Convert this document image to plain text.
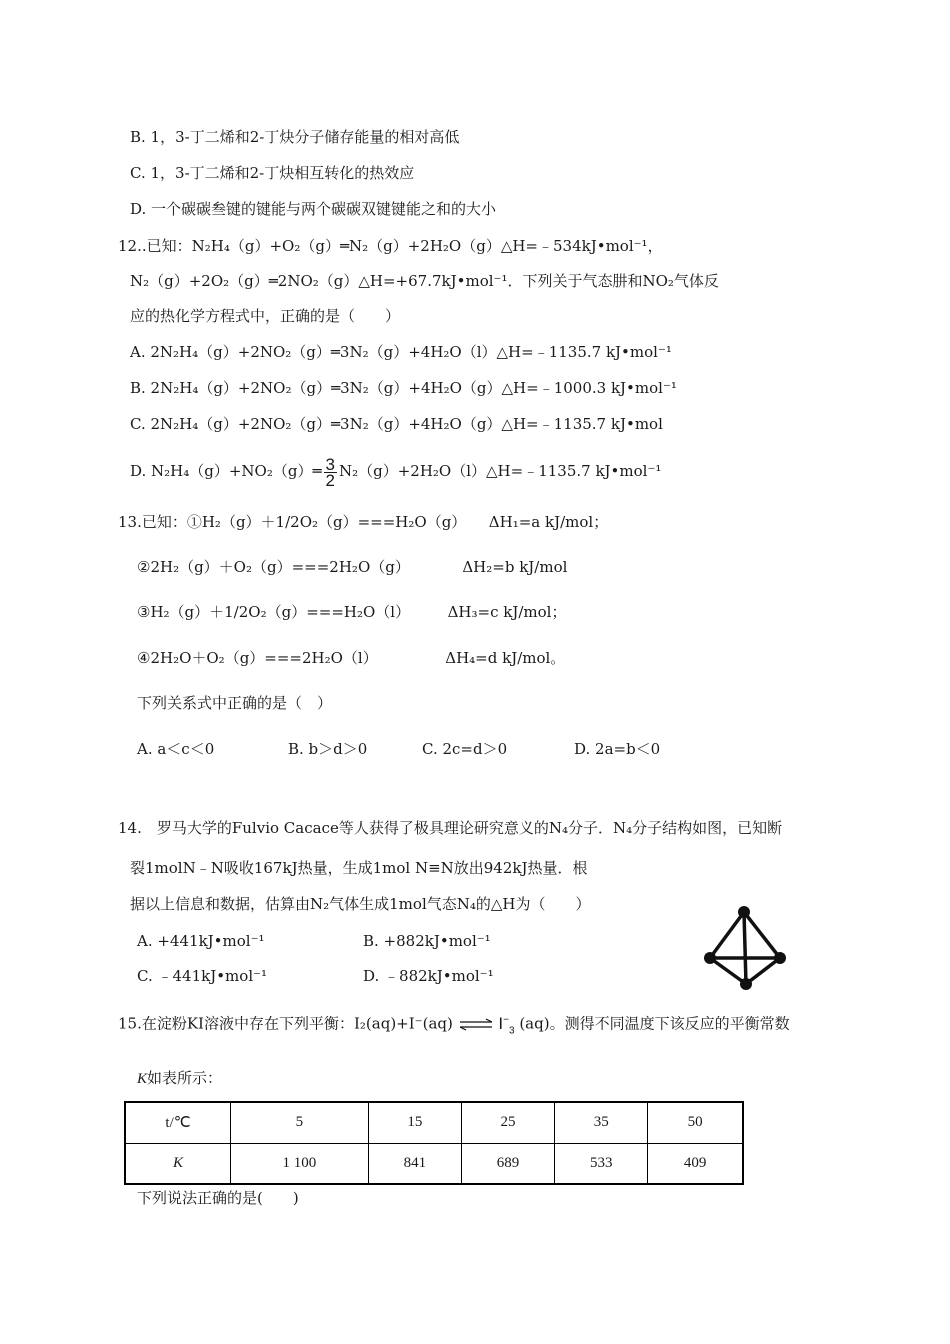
B. 1，3-丁二烯和2-丁炔分子储存能量的相对高低
C. 1，3-丁二烯和2-丁炔相互转化的热效应
D. 一个碳碳叁键的键能与两个碳碳双键键能之和的大小
12..已知：N₂H₄（g）+O₂（g）═N₂（g）+2H₂O（g）△H=﹣534kJ•mol⁻¹，
N₂（g）+2O₂（g）═2NO₂（g）△H=+67.7kJ•mol⁻¹．下列关于气态肼和NO₂气体反
应的热化学方程式中，正确的是（　　）
A. 2N₂H₄（g）+2NO₂（g）═3N₂（g）+4H₂O（l）△H=﹣1135.7 kJ•mol⁻¹
B. 2N₂H₄（g）+2NO₂（g）═3N₂（g）+4H₂O（g）△H=﹣1000.3 kJ•mol⁻¹
C. 2N₂H₄（g）+2NO₂（g）═3N₂（g）+4H₂O（g）△H=﹣1135.7 kJ•mol
D. N₂H₄（g）+NO₂（g）═ $\frac{3}{2}$ N₂（g）+2H₂O（l）△H=﹣1135.7 kJ•mol⁻¹
13.已知：①H₂（g）＋1/2O₂（g）===H₂O（g）　　ΔH₁=a kJ/mol；
②2H₂（g）＋O₂（g）===2H₂O（g）　　　　ΔH₂=b kJ/mol
③H₂（g）＋1/2O₂（g）===H₂O（l）　　　ΔH₃=c kJ/mol；
④2H₂O＋O₂（g）===2H₂O（l）　　　　　ΔH₄=d kJ/mol。
下列关系式中正确的是（　）
A. a＜c＜0	B. b＞d＞0	C. 2c=d＞0	D. 2a=b＜0
14.　罗马大学的Fulvio Cacace等人获得了极具理论研究意义的N₄分子．N₄分子结构如图，已知断
裂1molN﹣N吸收167kJ热量，生成1mol N≡N放出942kJ热量．根
据以上信息和数据，估算由N₂气体生成1mol气态N₄的△H为（　　）
A. +441kJ•mol⁻¹	B. +882kJ•mol⁻¹
C. ﹣441kJ•mol⁻¹	D. ﹣882kJ•mol⁻¹
15.在淀粉KI溶液中存在下列平衡：I₂(aq)+I⁻(aq) ⇌ $I^-_3$ (aq)。测得不同温度下该反应的平衡常数
K如表所示：
t/℃	5	15	25	35	50
K	1 100	841	689	533	409
下列说法正确的是(　　)
